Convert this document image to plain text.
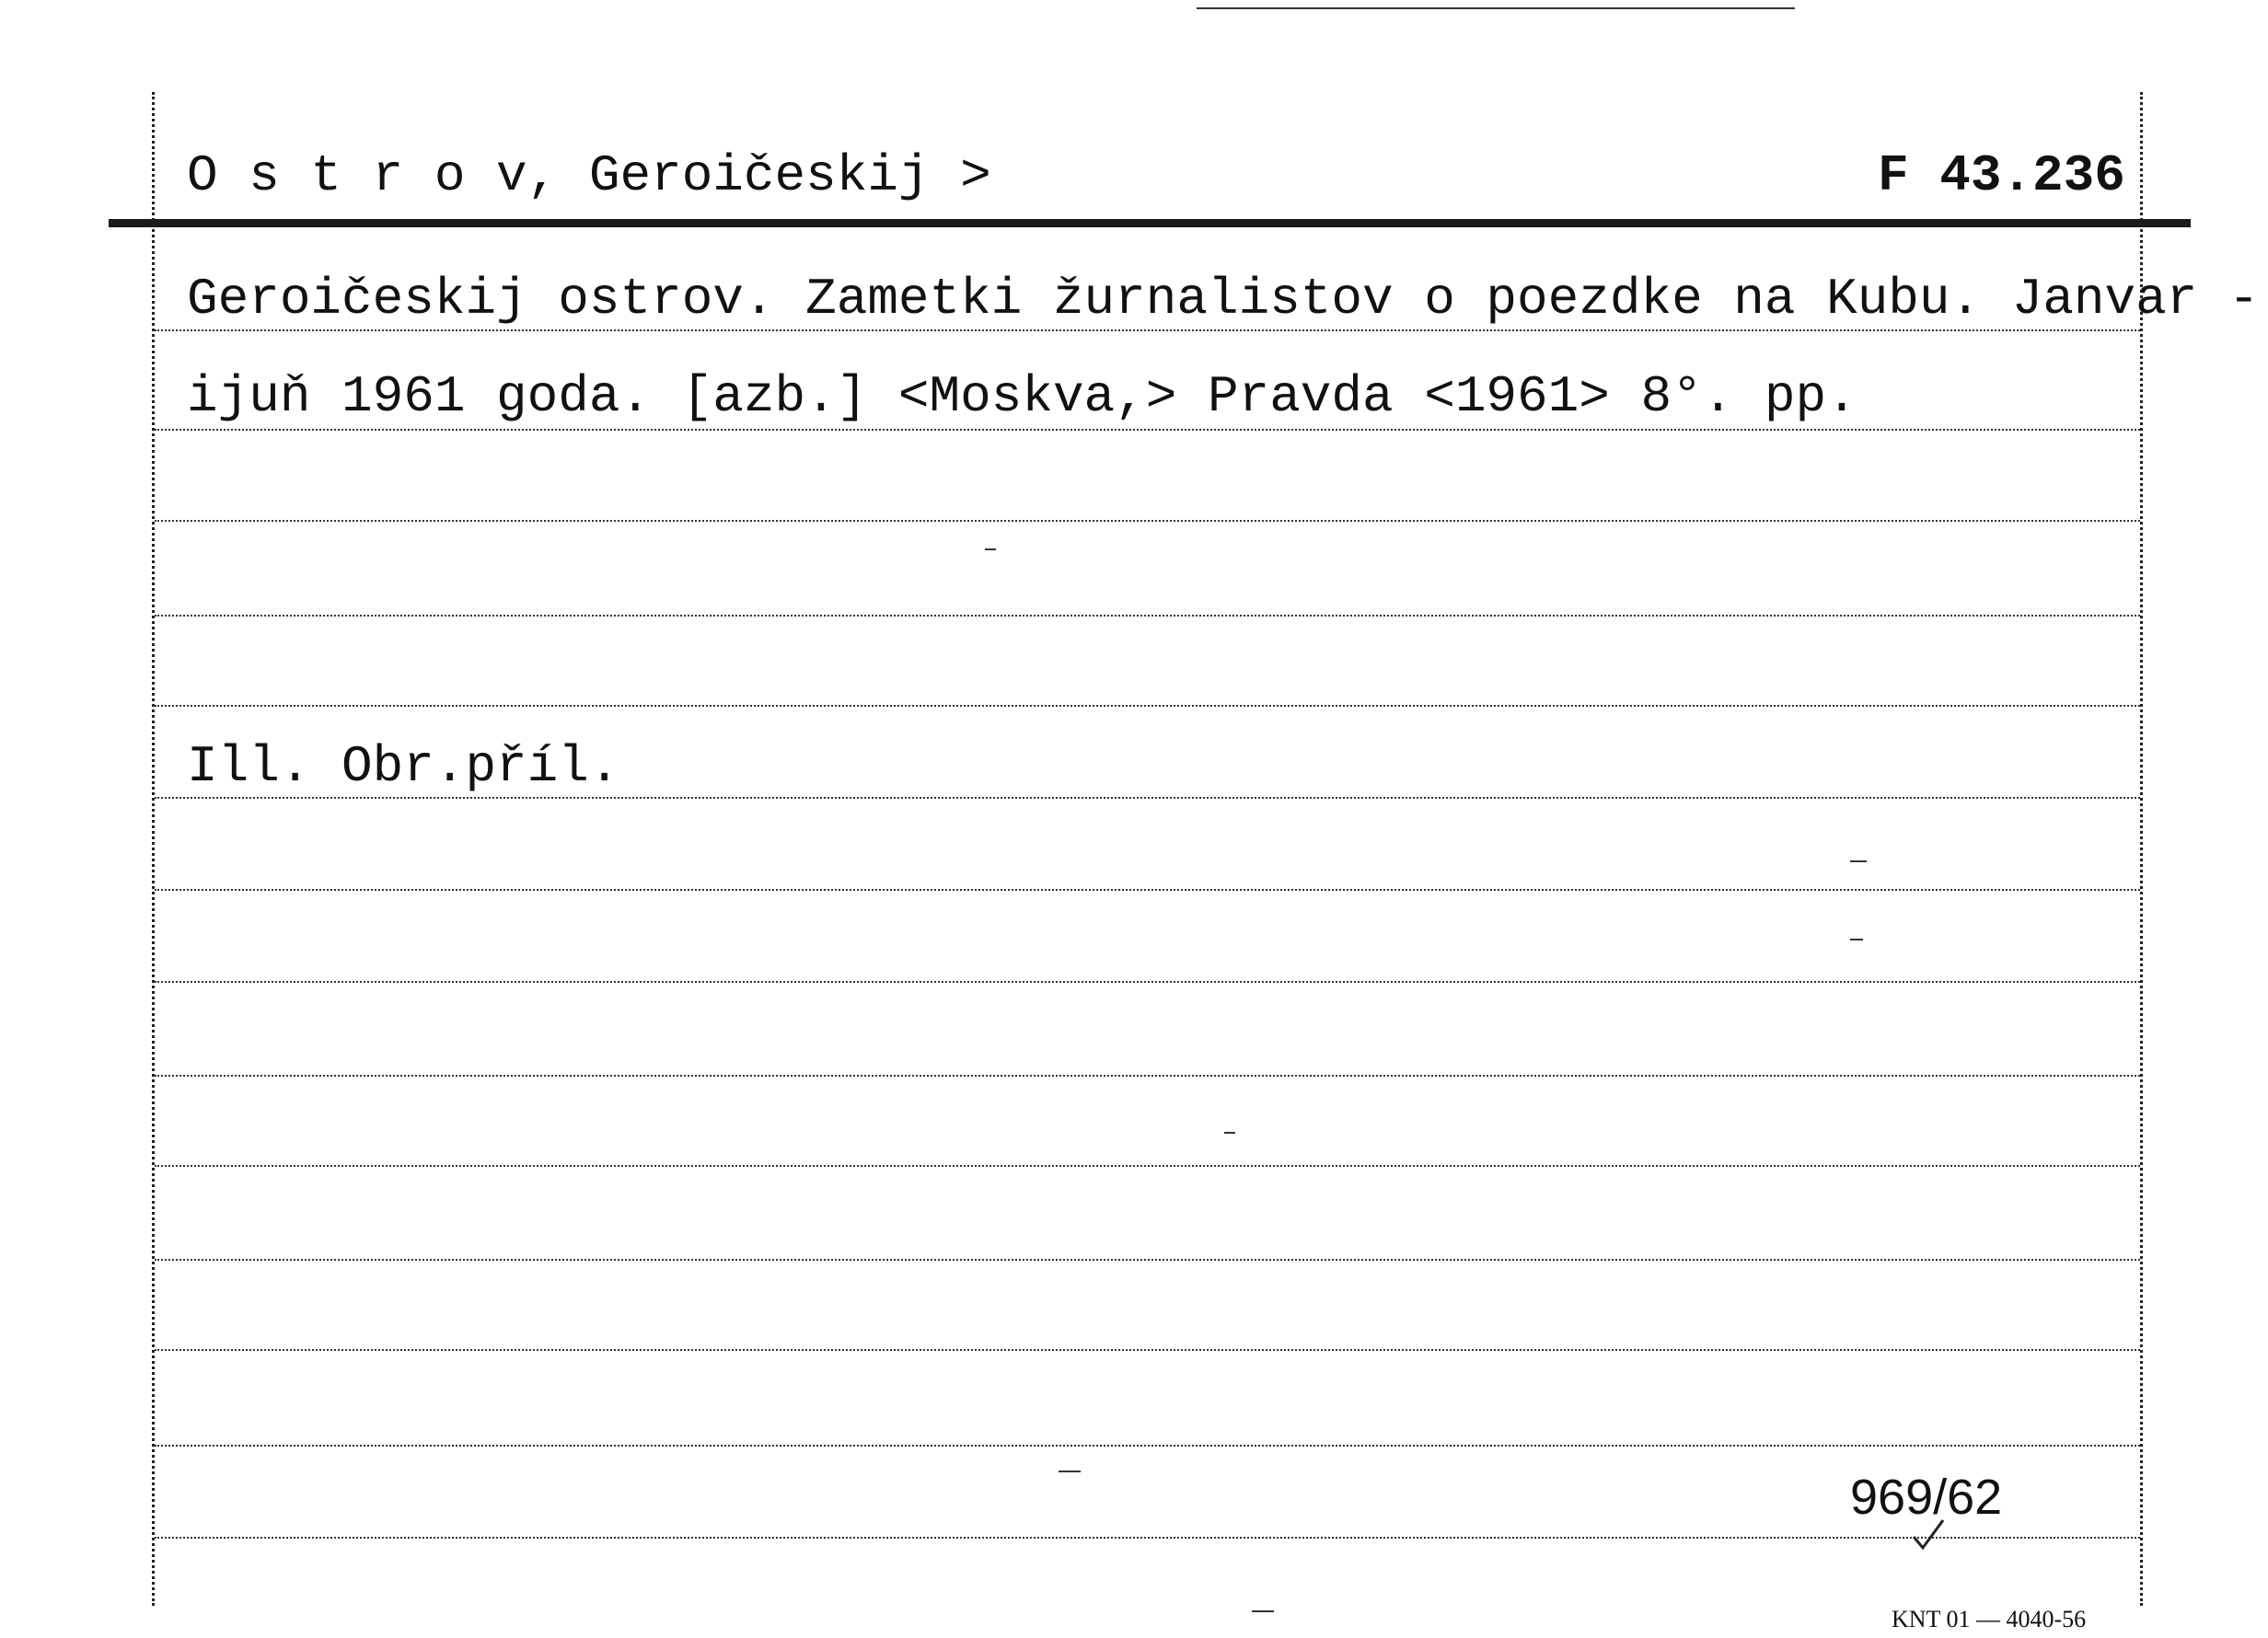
O s t r o v, Geroičeskij >	F 43.236
Geroičeskij ostrov. Zametki žurnalistov o poezdke na Kubu. Janvar -
ijuň 1961 goda. [azb.] <Moskva,> Pravda <1961> 8°. pp.
Ill. Obr.příl.
969/62
KNT 01 — 4040-56
